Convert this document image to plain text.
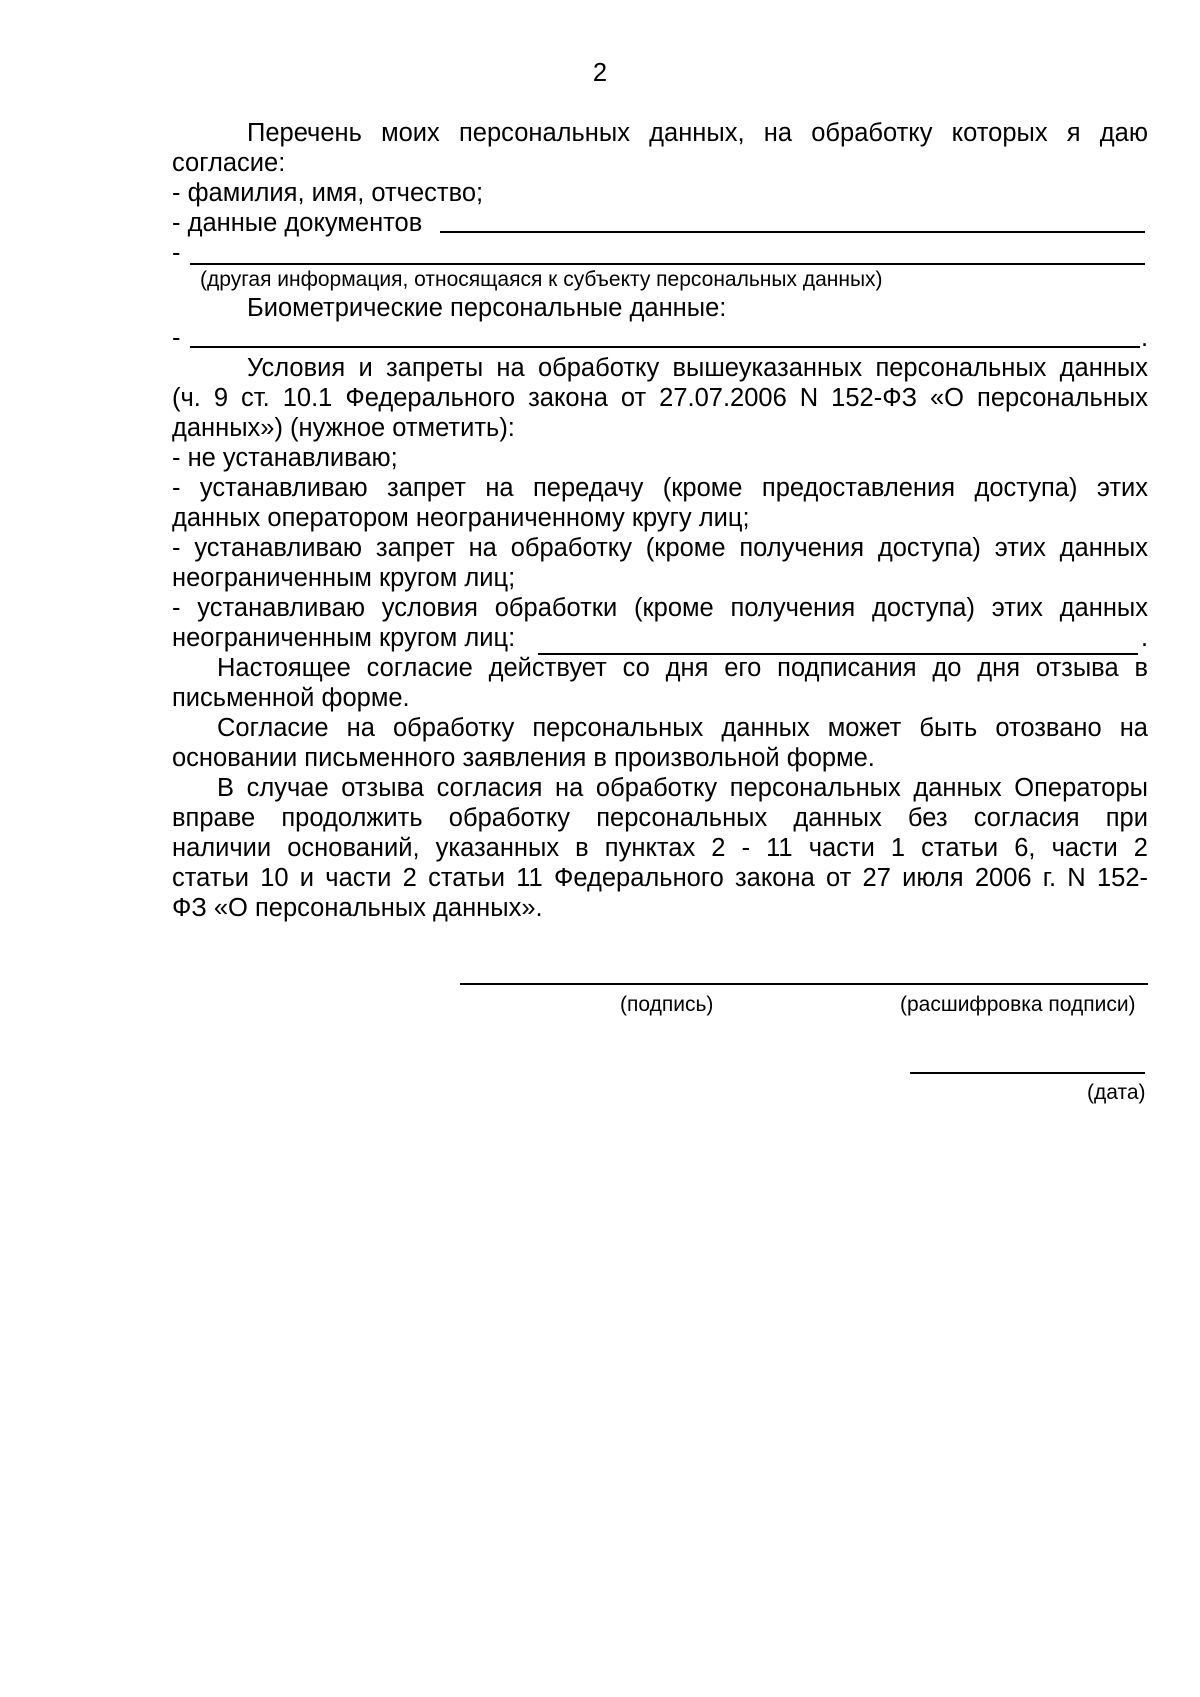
2

Перечень моих персональных данных, на обработку которых я даю

согласие:

- фамилия, имя, отчество;

- данные документов

-

(другая информация, относящаяся к субъекту персональных данных)

Биометрические персональные данные:

-	.

Условия и запреты на обработку вышеуказанных персональных данных

(ч. 9 ст. 10.1 Федерального закона от 27.07.2006 N 152-ФЗ «О персональных

данных») (нужное отметить):

- не устанавливаю;

- устанавливаю запрет на передачу (кроме предоставления доступа) этих

данных оператором неограниченному кругу лиц;

- устанавливаю запрет на обработку (кроме получения доступа) этих данных

неограниченным кругом лиц;

- устанавливаю условия обработки (кроме получения доступа) этих данных

неограниченным кругом лиц:	.

Настоящее согласие действует со дня его подписания до дня отзыва в

письменной форме.

Согласие на обработку персональных данных может быть отозвано на

основании письменного заявления в произвольной форме.

В случае отзыва согласия на обработку персональных данных Операторы

вправе продолжить обработку персональных данных без согласия при

наличии оснований, указанных в пунктах 2 - 11 части 1 статьи 6, части 2

статьи 10 и части 2 статьи 11 Федерального закона от 27 июля 2006 г. N 152-

ФЗ «О персональных данных».

(подпись)	(расшифровка подписи)

(дата)
